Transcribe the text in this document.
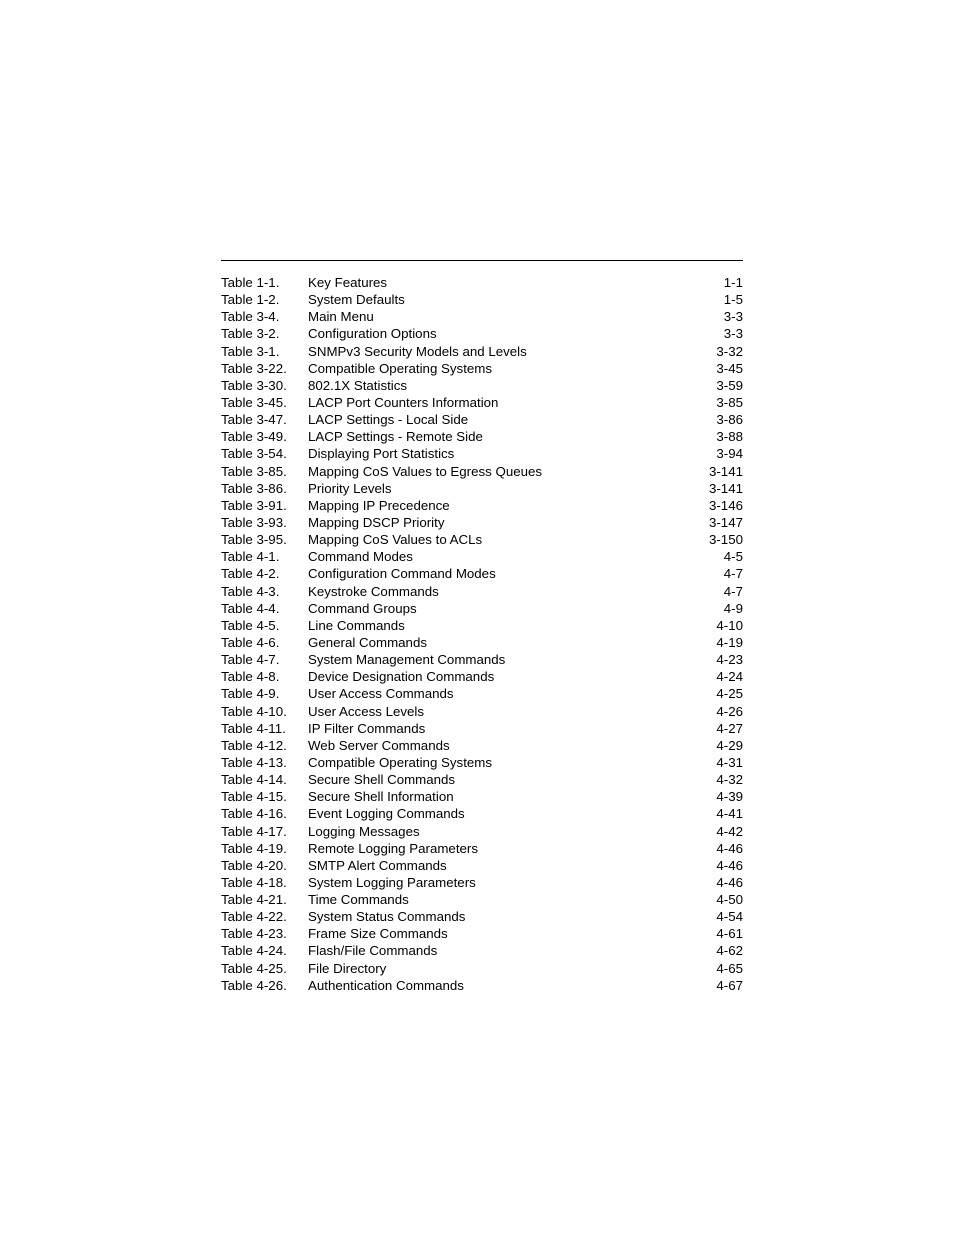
Table 1-1. Key Features	1-1
Table 1-2. System Defaults	1-5
Table 3-4. Main Menu	3-3
Table 3-2. Configuration Options	3-3
Table 3-1. SNMPv3 Security Models and Levels	3-32
Table 3-22. Compatible Operating Systems	3-45
Table 3-30. 802.1X Statistics	3-59
Table 3-45. LACP Port Counters Information	3-85
Table 3-47. LACP Settings - Local Side	3-86
Table 3-49. LACP Settings - Remote Side	3-88
Table 3-54. Displaying Port Statistics	3-94
Table 3-85. Mapping CoS Values to Egress Queues	3-141
Table 3-86. Priority Levels	3-141
Table 3-91. Mapping IP Precedence	3-146
Table 3-93. Mapping DSCP Priority	3-147
Table 3-95. Mapping CoS Values to ACLs	3-150
Table 4-1. Command Modes	4-5
Table 4-2. Configuration Command Modes	4-7
Table 4-3. Keystroke Commands	4-7
Table 4-4. Command Groups	4-9
Table 4-5. Line Commands	4-10
Table 4-6. General Commands	4-19
Table 4-7. System Management Commands	4-23
Table 4-8. Device Designation Commands	4-24
Table 4-9. User Access Commands	4-25
Table 4-10. User Access Levels	4-26
Table 4-11. IP Filter Commands	4-27
Table 4-12. Web Server Commands	4-29
Table 4-13. Compatible Operating Systems	4-31
Table 4-14. Secure Shell Commands	4-32
Table 4-15. Secure Shell Information	4-39
Table 4-16. Event Logging Commands	4-41
Table 4-17. Logging Messages	4-42
Table 4-19. Remote Logging Parameters	4-46
Table 4-20. SMTP Alert Commands	4-46
Table 4-18. System Logging Parameters	4-46
Table 4-21. Time Commands	4-50
Table 4-22. System Status Commands	4-54
Table 4-23. Frame Size Commands	4-61
Table 4-24. Flash/File Commands	4-62
Table 4-25. File Directory	4-65
Table 4-26. Authentication Commands	4-67
